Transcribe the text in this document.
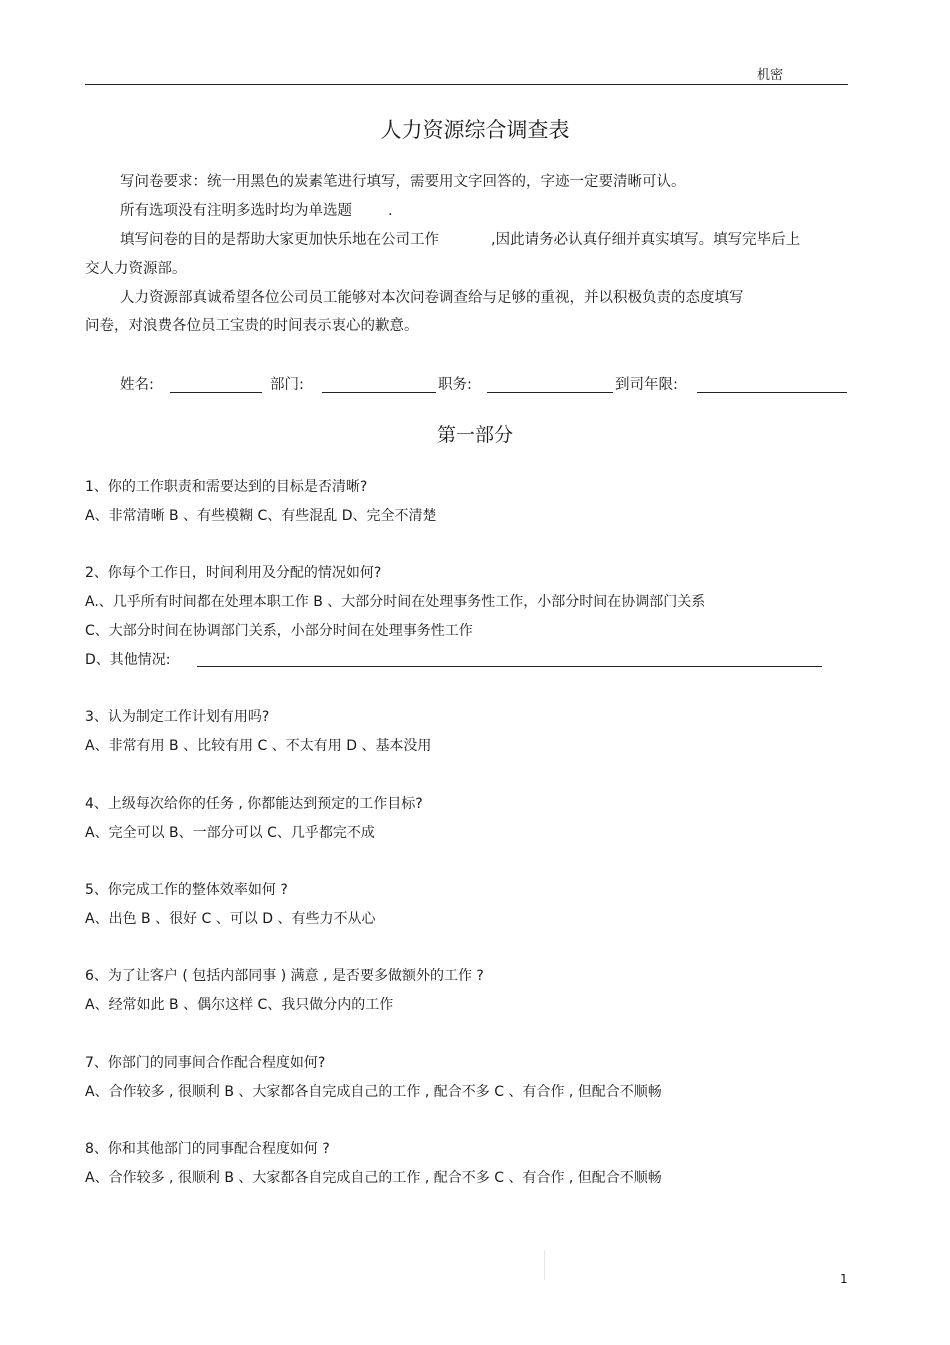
机密
人力资源综合调查表
写问卷要求：统一用黑色的炭素笔进行填写，需要用文字回答的，字迹一定要清晰可认。
所有选项没有注明多选时均为单选题 .
填写问卷的目的是帮助大家更加快乐地在公司工作	,因此请务必认真仔细并真实填写。填写完毕后上
交人力资源部。
人力资源部真诚希望各位公司员工能够对本次问卷调查给与足够的重视，并以积极负责的态度填写
问卷，对浪费各位员工宝贵的时间表示衷心的歉意。
姓名:	部门:	职务:	到司年限:
第一部分
1、你的工作职责和需要达到的目标是否清晰?
A、非常清晰 B 、有些模糊 C、有些混乱 D、完全不清楚
2、你每个工作日，时间利用及分配的情况如何?
A.、几乎所有时间都在处理本职工作 B 、大部分时间在处理事务性工作，小部分时间在协调部门关系
C、大部分时间在协调部门关系，小部分时间在处理事务性工作
D、其他情况:
3、认为制定工作计划有用吗?
A、非常有用 B 、比较有用 C 、不太有用 D 、基本没用
4、上级每次给你的任务 , 你都能达到预定的工作目标?
A、完全可以 B、一部分可以 C、几乎都完不成
5、你完成工作的整体效率如何 ?
A、出色 B 、很好 C 、可以 D 、有些力不从心
6、为了让客户 ( 包括内部同事 ) 满意 , 是否要多做额外的工作 ?
A、经常如此 B 、偶尔这样 C、我只做分内的工作
7、你部门的同事间合作配合程度如何?
A、合作较多 , 很顺利 B 、大家都各自完成自己的工作 , 配合不多 C 、有合作 , 但配合不顺畅
8、你和其他部门的同事配合程度如何 ?
A、合作较多 , 很顺利 B 、大家都各自完成自己的工作 , 配合不多 C 、有合作 , 但配合不顺畅
1
